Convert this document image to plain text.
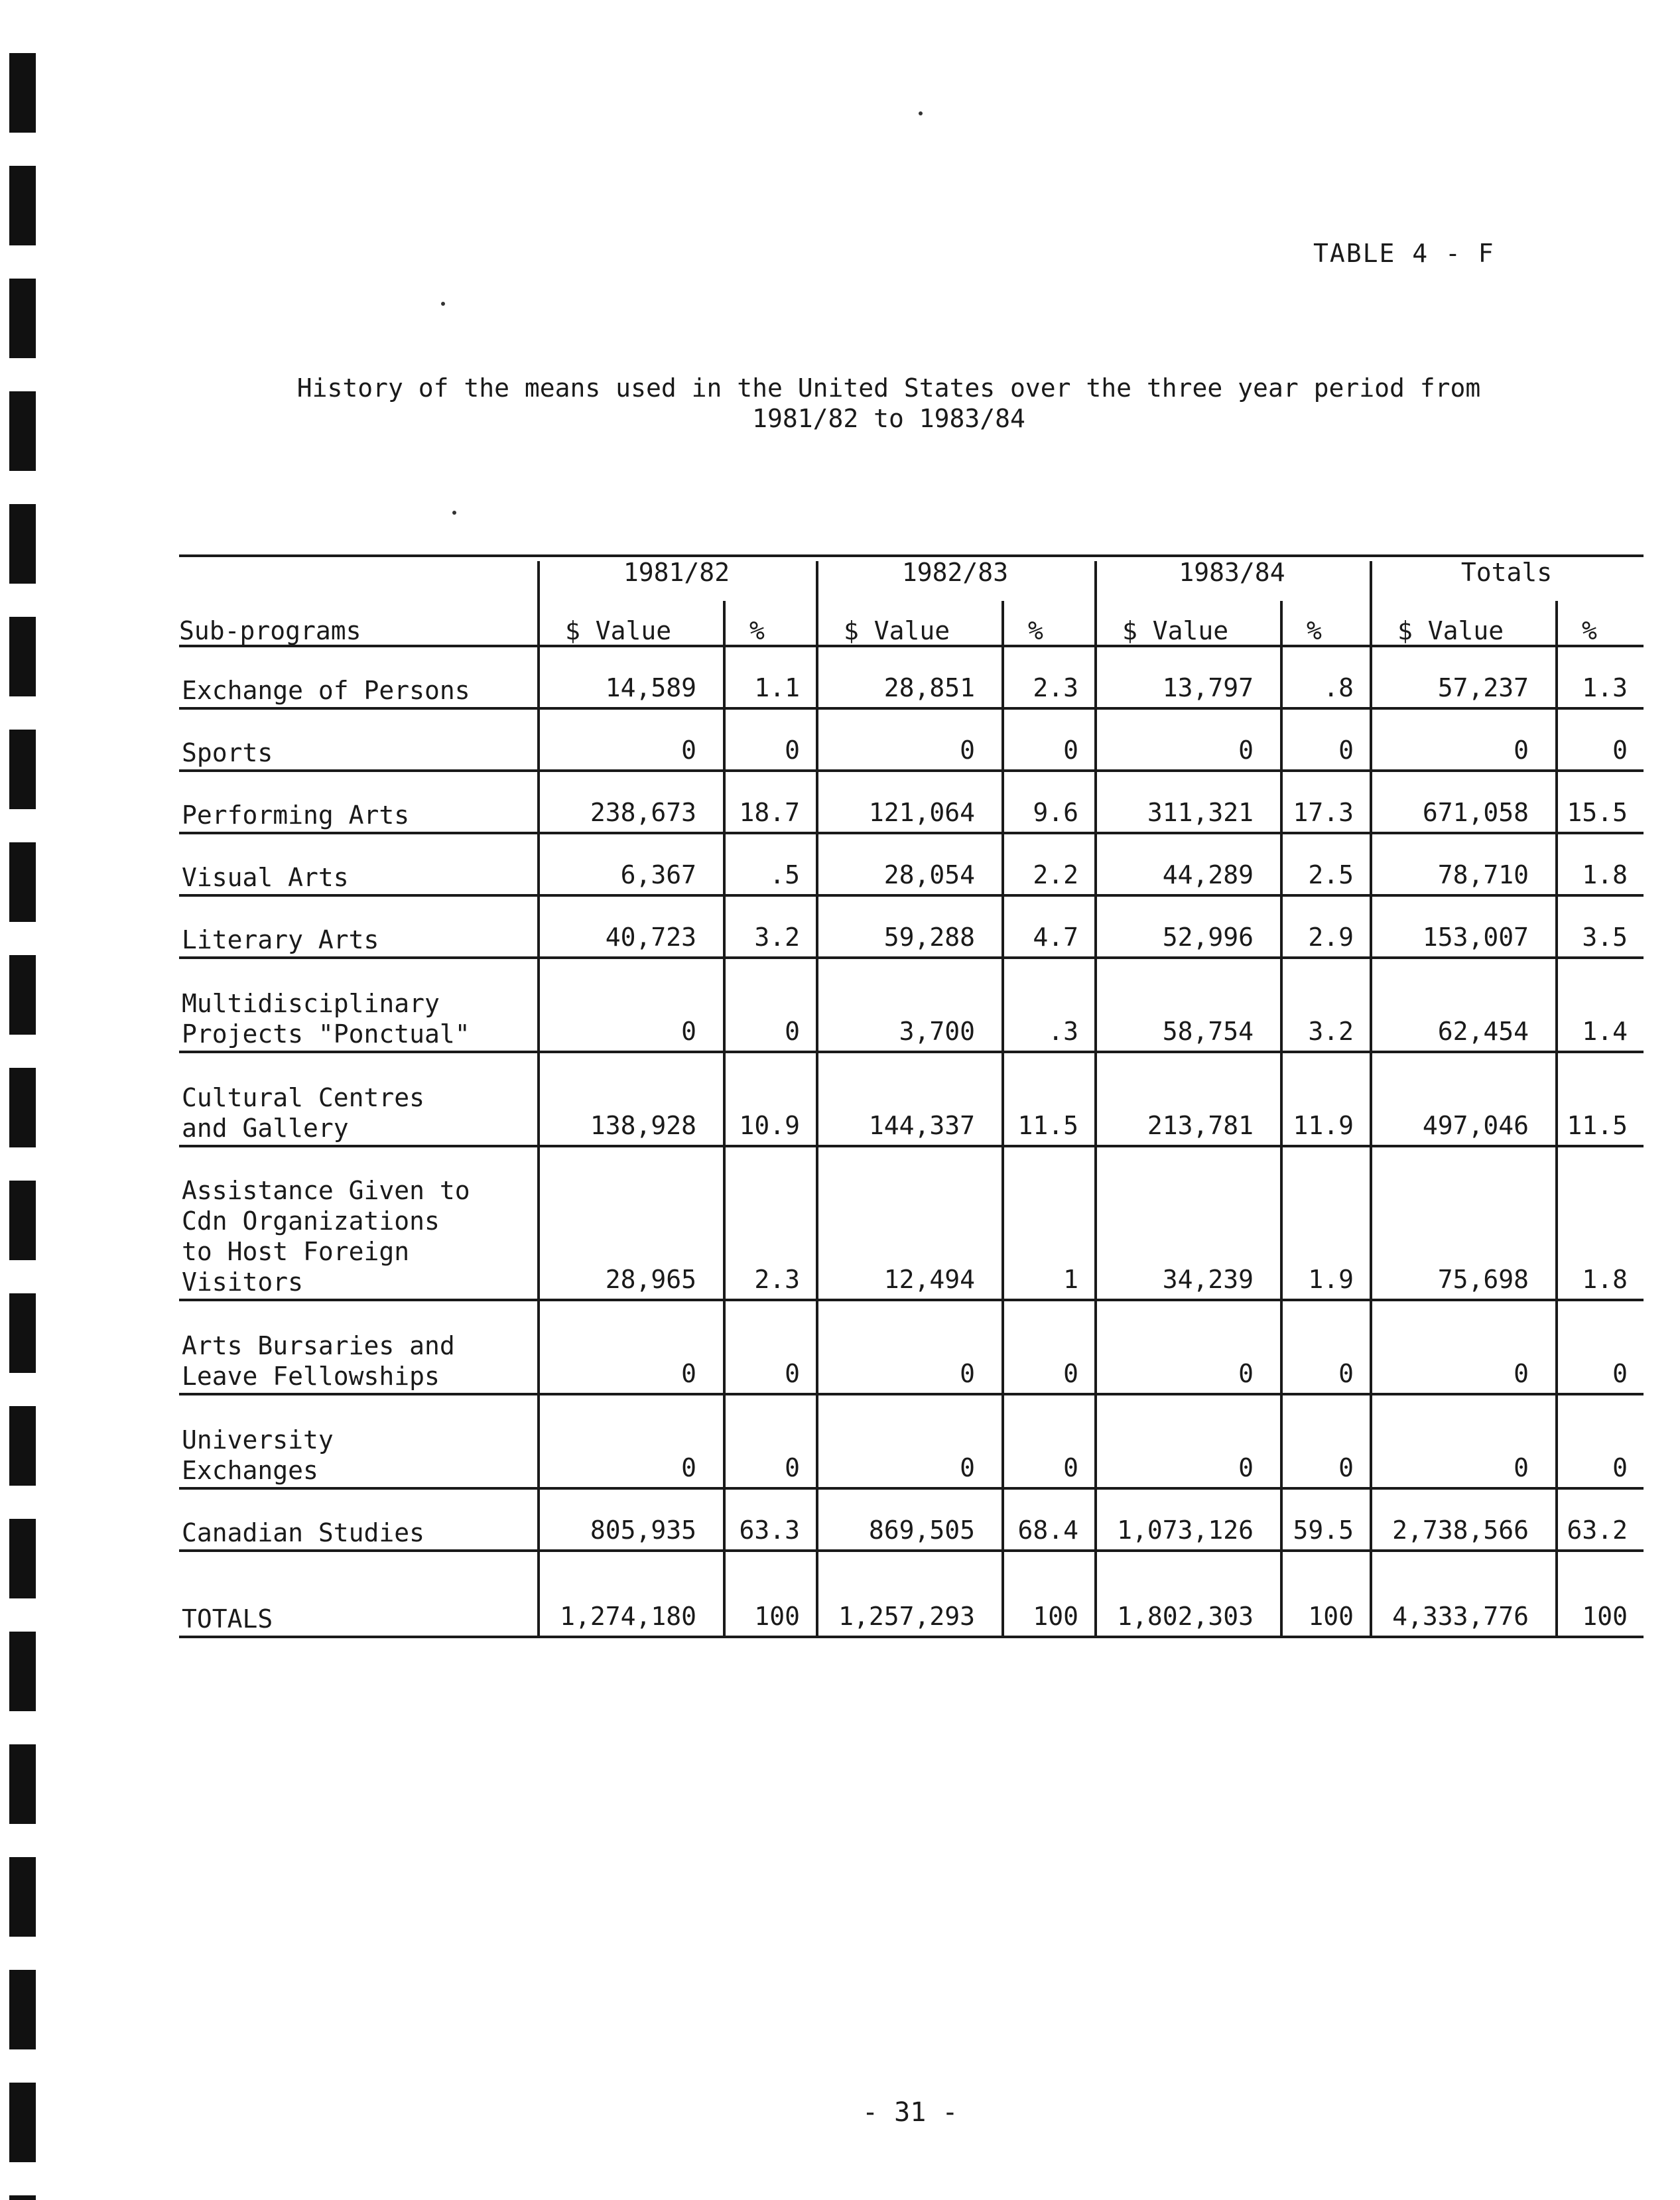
TABLE 4 - F
History of the means used in the United States over the three year period from
1981/82 to 1983/84
1981/82	1982/83	1983/84	Totals
Sub-programs	$ Value	%	$ Value	%	$ Value	%	$ Value	%
Exchange of Persons	14,589	1.1	28,851	2.3	13,797	.8	57,237	1.3
Sports	0	0	0	0	0	0	0	0
Performing Arts	238,673	18.7	121,064	9.6	311,321	17.3	671,058	15.5
Visual Arts	6,367	.5	28,054	2.2	44,289	2.5	78,710	1.8
Literary Arts	40,723	3.2	59,288	4.7	52,996	2.9	153,007	3.5
Multidisciplinary
Projects "Ponctual"	0	0	3,700	.3	58,754	3.2	62,454	1.4
Cultural Centres
and Gallery	138,928	10.9	144,337	11.5	213,781	11.9	497,046	11.5
Assistance Given to
Cdn Organizations
to Host Foreign
Visitors	28,965	2.3	12,494	1	34,239	1.9	75,698	1.8
Arts Bursaries and
Leave Fellowships	0	0	0	0	0	0	0	0
University
Exchanges	0	0	0	0	0	0	0	0
Canadian Studies	805,935	63.3	869,505	68.4	1,073,126	59.5	2,738,566	63.2
TOTALS	1,274,180	100	1,257,293	100	1,802,303	100	4,333,776	100
- 31 -
